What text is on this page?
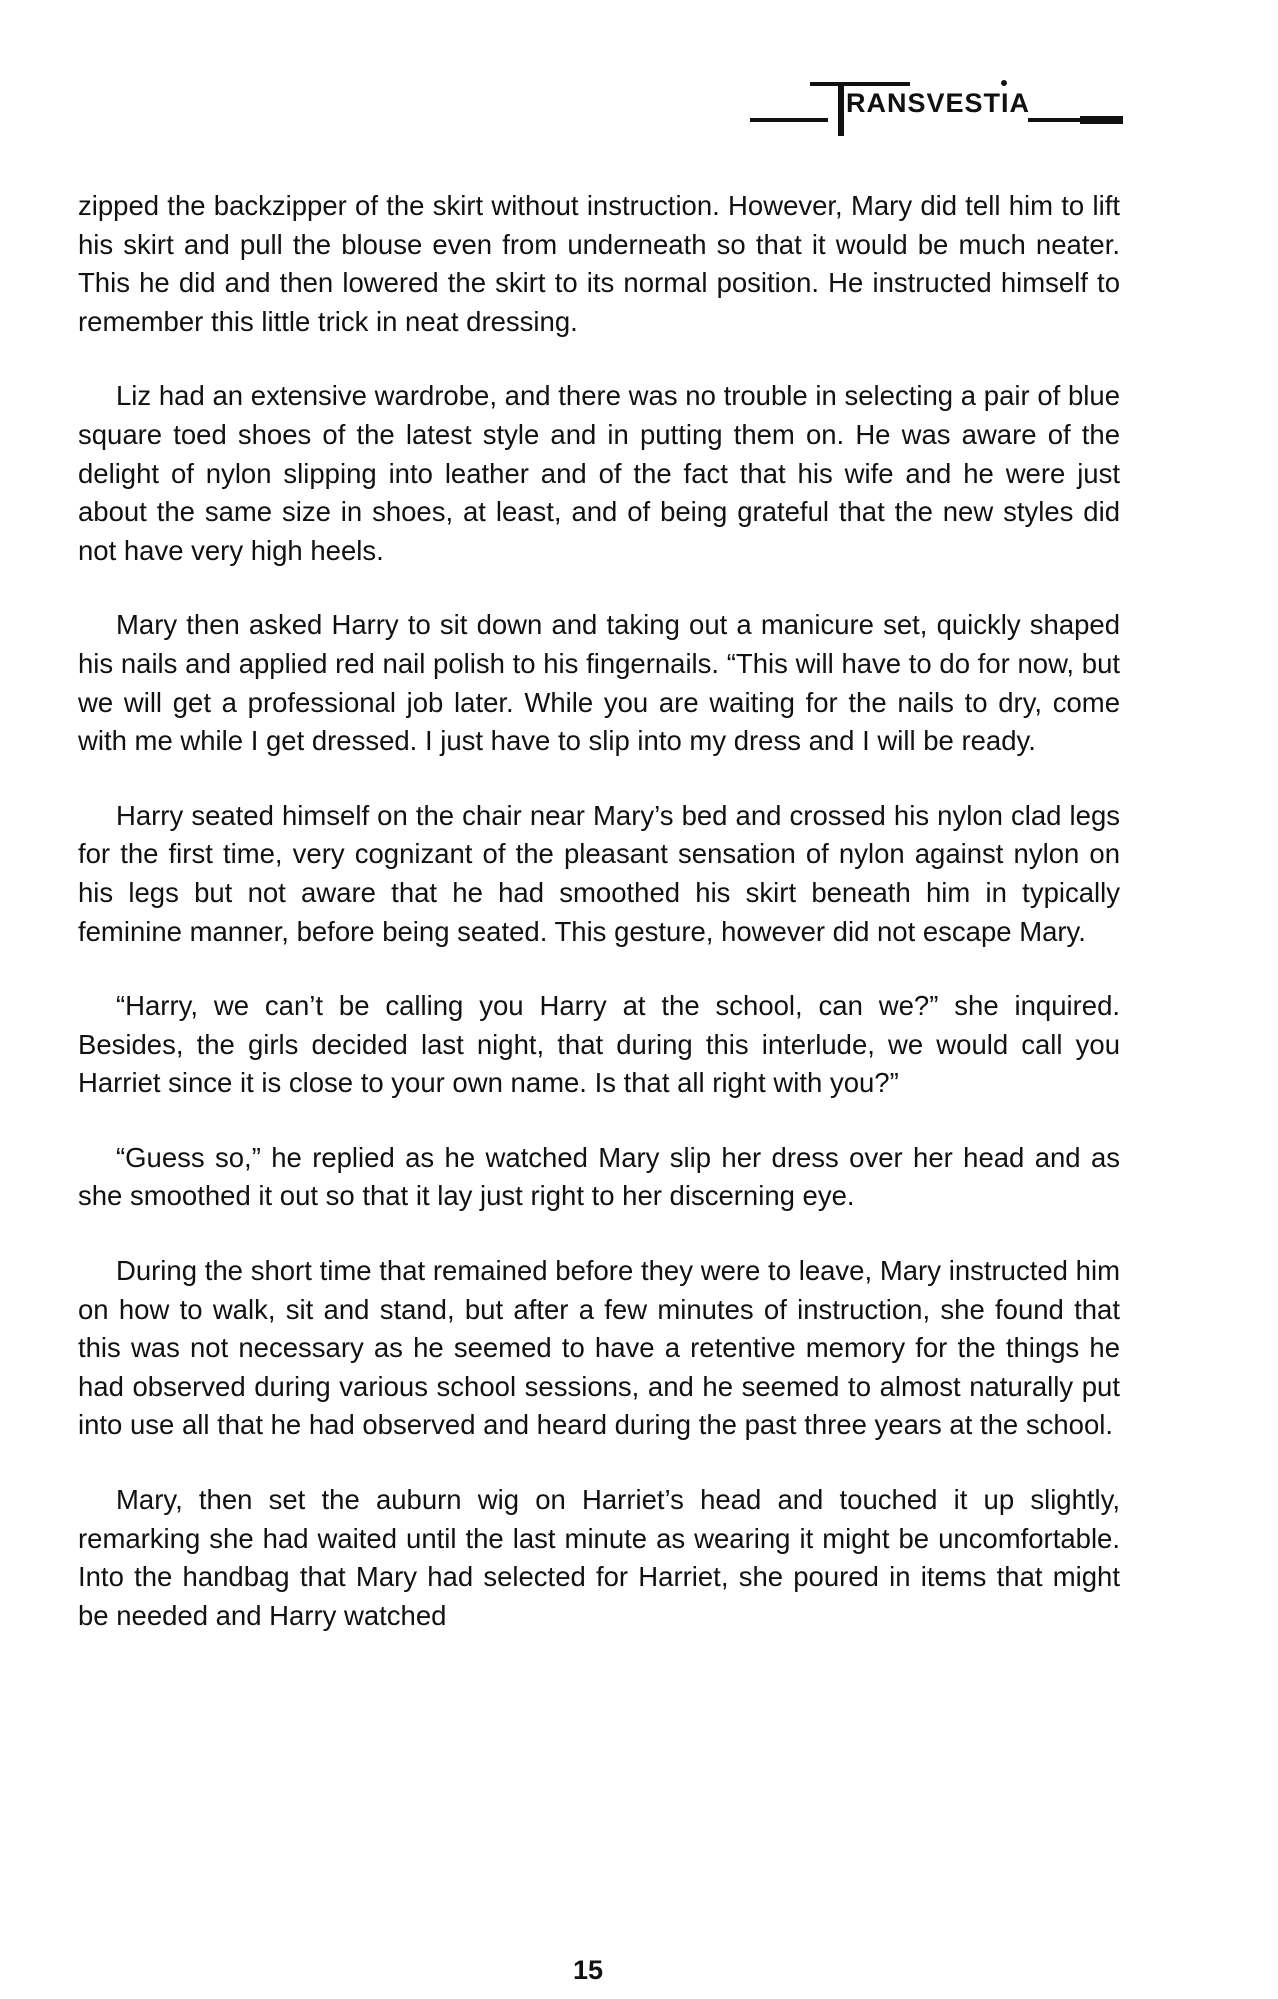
RANSVESTIA

zipped the backzipper of the skirt without instruction. However, Mary did tell him to lift his skirt and pull the blouse even from underneath so that it would be much neater. This he did and then lowered the skirt to its normal position. He instructed himself to remember this little trick in neat dressing.

Liz had an extensive wardrobe, and there was no trouble in selecting a pair of blue square toed shoes of the latest style and in putting them on. He was aware of the delight of nylon slipping into leather and of the fact that his wife and he were just about the same size in shoes, at least, and of being grateful that the new styles did not have very high heels.

Mary then asked Harry to sit down and taking out a manicure set, quickly shaped his nails and applied red nail polish to his fingernails. “This will have to do for now, but we will get a professional job later. While you are waiting for the nails to dry, come with me while I get dressed. I just have to slip into my dress and I will be ready.

Harry seated himself on the chair near Mary’s bed and crossed his nylon clad legs for the first time, very cognizant of the pleasant sensation of nylon against nylon on his legs but not aware that he had smoothed his skirt beneath him in typically feminine manner, before being seated. This gesture, however did not escape Mary.

“Harry, we can’t be calling you Harry at the school, can we?” she inquired. Besides, the girls decided last night, that during this interlude, we would call you Harriet since it is close to your own name. Is that all right with you?”

“Guess so,” he replied as he watched Mary slip her dress over her head and as she smoothed it out so that it lay just right to her discerning eye.

During the short time that remained before they were to leave, Mary instructed him on how to walk, sit and stand, but after a few minutes of instruction, she found that this was not necessary as he seemed to have a retentive memory for the things he had observed during various school sessions, and he seemed to almost naturally put into use all that he had observed and heard during the past three years at the school.

Mary, then set the auburn wig on Harriet’s head and touched it up slightly, remarking she had waited until the last minute as wearing it might be uncomfortable. Into the handbag that Mary had selected for Harriet, she poured in items that might be needed and Harry watched

15
